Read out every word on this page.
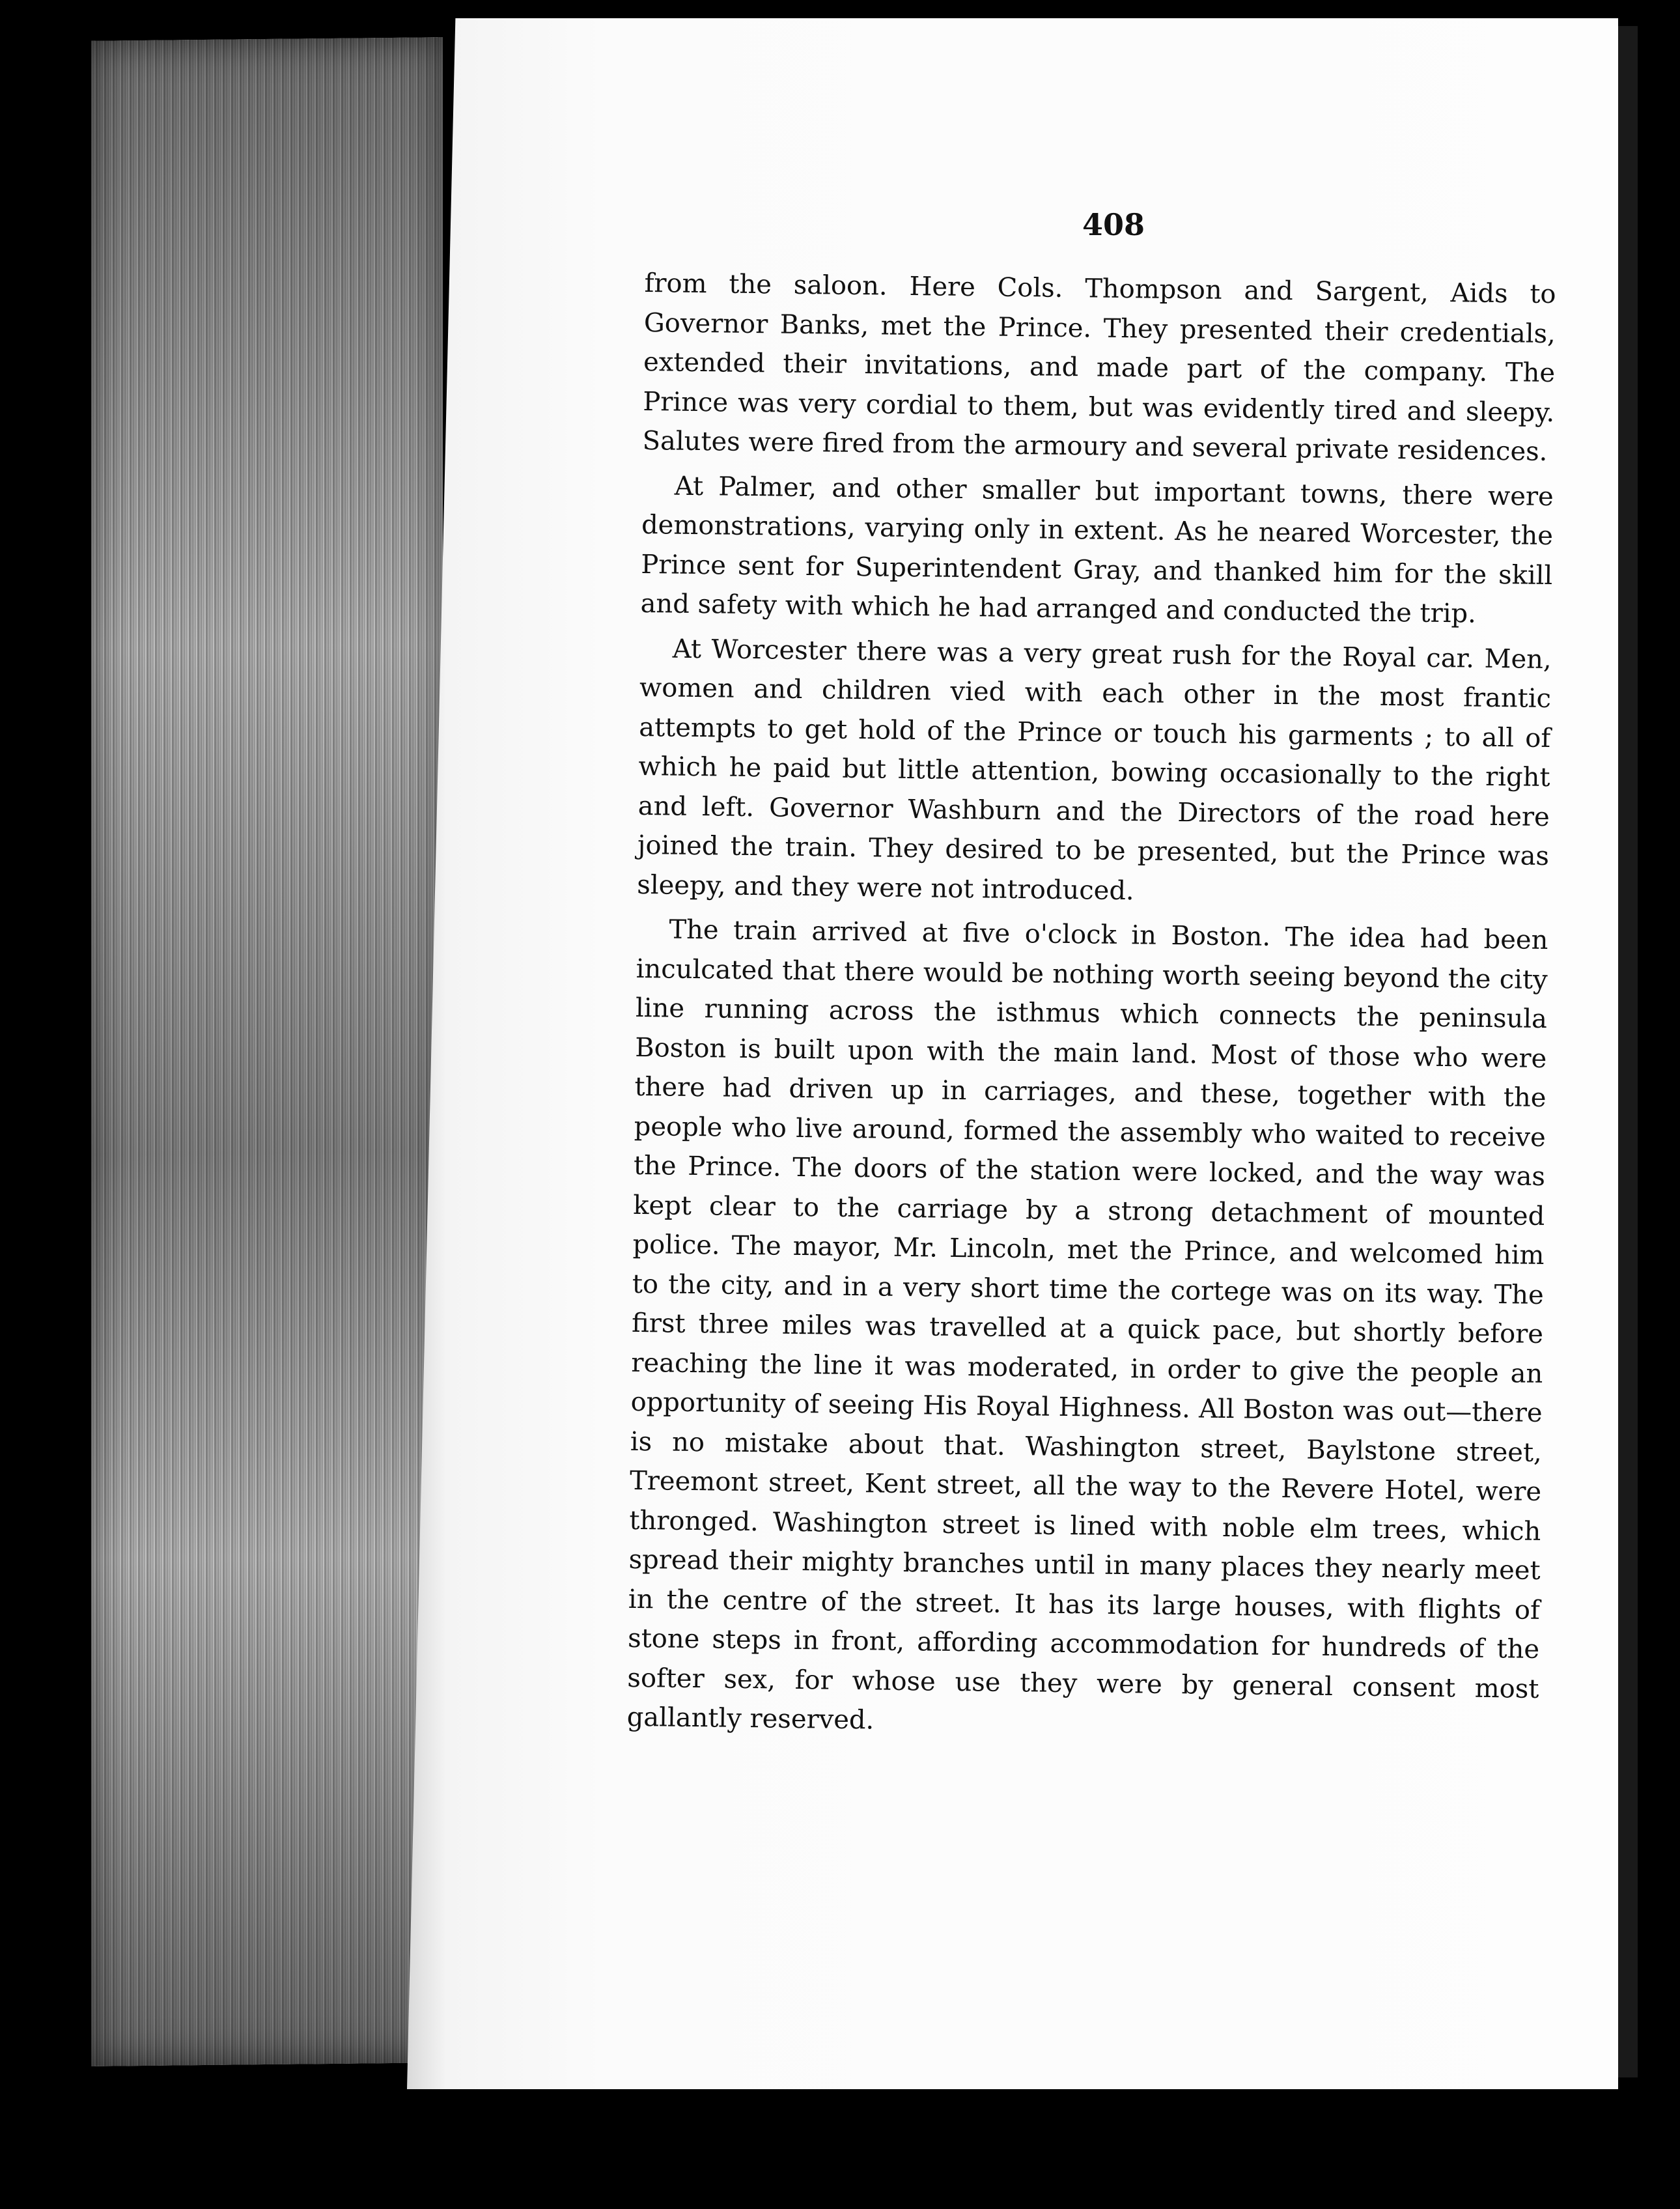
408

from the saloon. Here Cols. Thompson and Sargent, Aids to Governor Banks, met the Prince. They presented their credentials, extended their invitations, and made part of the company. The Prince was very cordial to them, but was evidently tired and sleepy. Salutes were fired from the armoury and several private residences.

At Palmer, and other smaller but important towns, there were demonstrations, varying only in extent. As he neared Worcester, the Prince sent for Superintendent Gray, and thanked him for the skill and safety with which he had arranged and conducted the trip.

At Worcester there was a very great rush for the Royal car. Men, women and children vied with each other in the most frantic attempts to get hold of the Prince or touch his garments ; to all of which he paid but little attention, bowing occasionally to the right and left. Governor Washburn and the Directors of the road here joined the train. They desired to be presented, but the Prince was sleepy, and they were not introduced.

The train arrived at five o'clock in Boston. The idea had been inculcated that there would be nothing worth seeing beyond the city line running across the isthmus which connects the peninsula Boston is built upon with the main land. Most of those who were there had driven up in carriages, and these, together with the people who live around, formed the assembly who waited to receive the Prince. The doors of the station were locked, and the way was kept clear to the carriage by a strong detachment of mounted police. The mayor, Mr. Lincoln, met the Prince, and welcomed him to the city, and in a very short time the cortege was on its way. The first three miles was travelled at a quick pace, but shortly before reaching the line it was moderated, in order to give the people an opportunity of seeing His Royal Highness. All Boston was out—there is no mistake about that. Washington street, Baylstone street, Treemont street, Kent street, all the way to the Revere Hotel, were thronged. Washington street is lined with noble elm trees, which spread their mighty branches until in many places they nearly meet in the centre of the street. It has its large houses, with flights of stone steps in front, affording accommodation for hundreds of the softer sex, for whose use they were by general consent most gallantly reserved.
